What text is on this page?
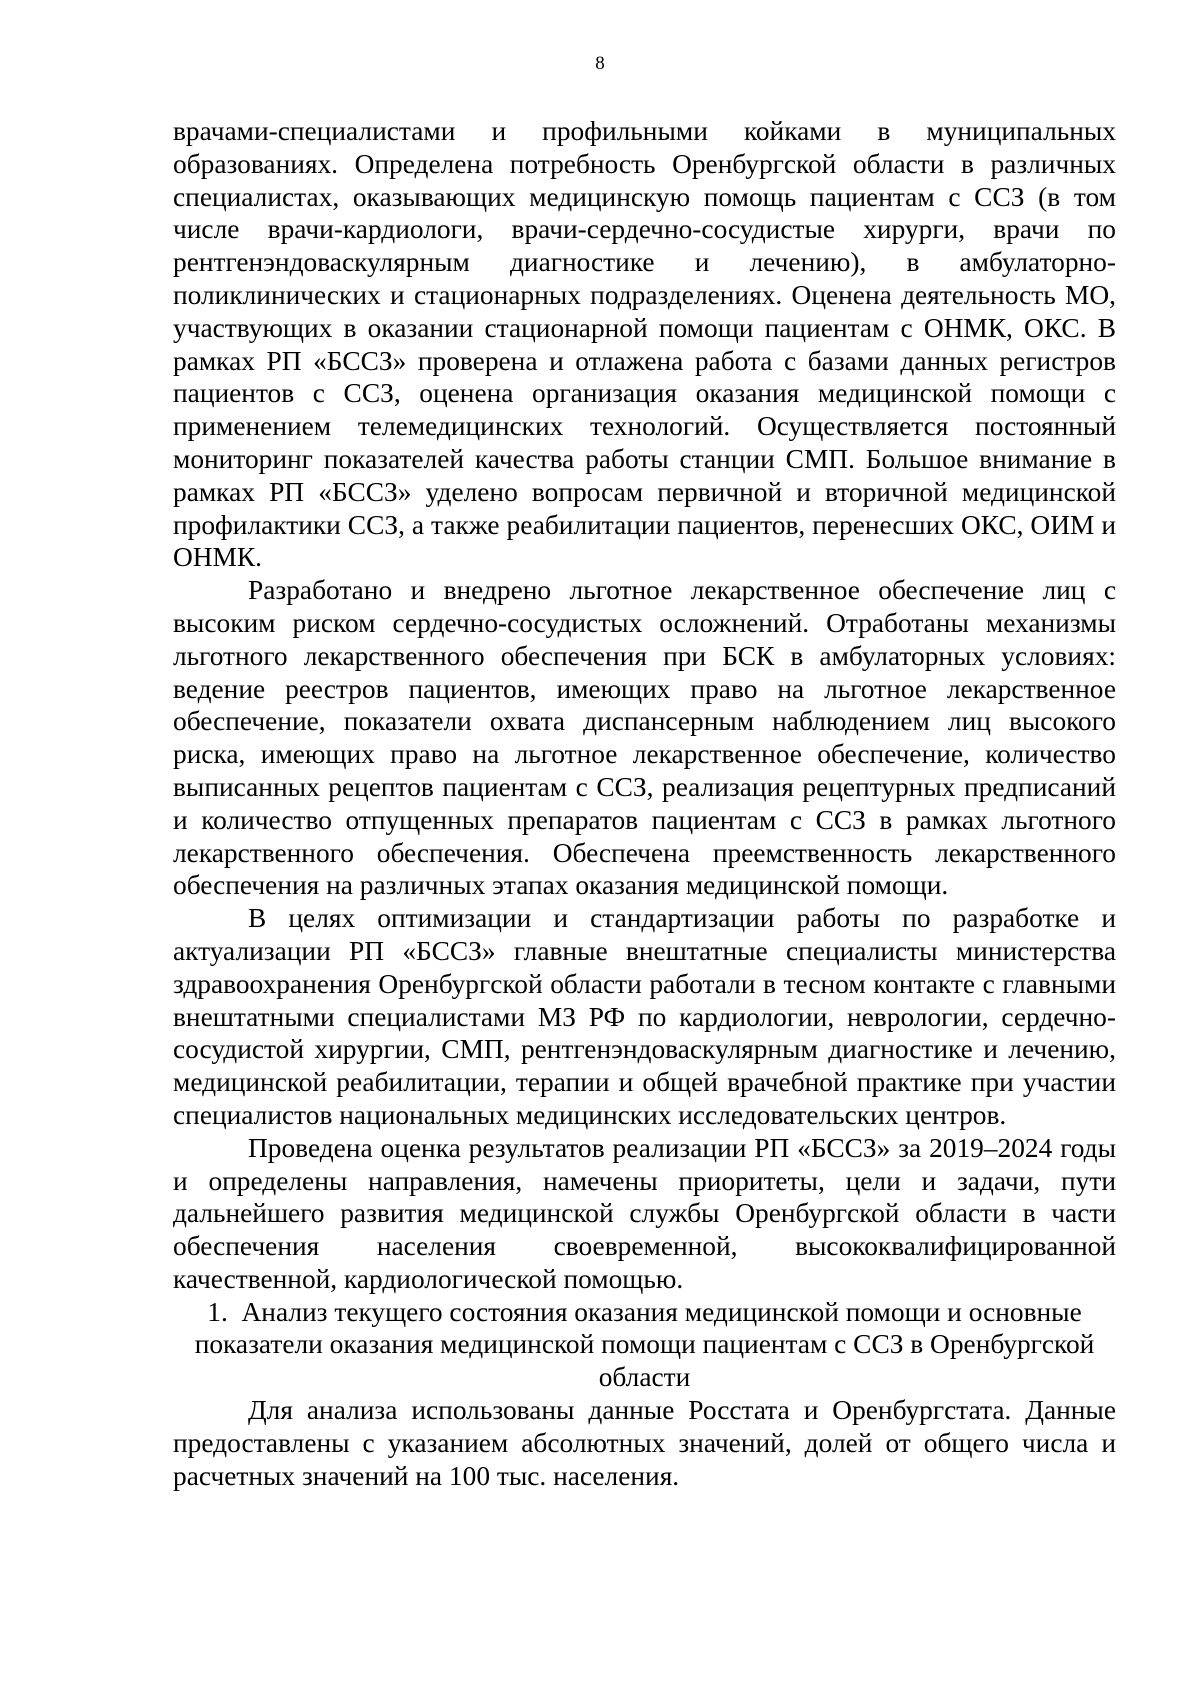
8

врачами-специалистами и профильными койками в муниципальных образованиях. Определена потребность Оренбургской области в различных специалистах, оказывающих медицинскую помощь пациентам с ССЗ (в том числе врачи-кардиологи, врачи-сердечно-сосудистые хирурги, врачи по рентгенэндоваскулярным диагностике и лечению), в амбулаторно-поликлинических и стационарных подразделениях. Оценена деятельность МО, участвующих в оказании стационарной помощи пациентам с ОНМК, ОКС. В рамках РП «БССЗ» проверена и отлажена работа с базами данных регистров пациентов с ССЗ, оценена организация оказания медицинской помощи с применением телемедицинских технологий. Осуществляется постоянный мониторинг показателей качества работы станции СМП. Большое внимание в рамках РП «БССЗ» уделено вопросам первичной и вторичной медицинской профилактики ССЗ, а также реабилитации пациентов, перенесших ОКС, ОИМ и ОНМК.

Разработано и внедрено льготное лекарственное обеспечение лиц с высоким риском сердечно-сосудистых осложнений. Отработаны механизмы льготного лекарственного обеспечения при БСК в амбулаторных условиях: ведение реестров пациентов, имеющих право на льготное лекарственное обеспечение, показатели охвата диспансерным наблюдением лиц высокого риска, имеющих право на льготное лекарственное обеспечение, количество выписанных рецептов пациентам с ССЗ, реализация рецептурных предписаний и количество отпущенных препаратов пациентам с ССЗ в рамках льготного лекарственного обеспечения. Обеспечена преемственность лекарственного обеспечения на различных этапах оказания медицинской помощи.

В целях оптимизации и стандартизации работы по разработке и актуализации РП «БССЗ» главные внештатные специалисты министерства здравоохранения Оренбургской области работали в тесном контакте с главными внештатными специалистами МЗ РФ по кардиологии, неврологии, сердечно-сосудистой хирургии, СМП, рентгенэндоваскулярным диагностике и лечению, медицинской реабилитации, терапии и общей врачебной практике при участии специалистов национальных медицинских исследовательских центров.

Проведена оценка результатов реализации РП «БССЗ» за 2019–2024 годы и определены направления, намечены приоритеты, цели и задачи, пути дальнейшего развития медицинской службы Оренбургской области в части обеспечения населения своевременной, высококвалифицированной качественной, кардиологической помощью.

1. Анализ текущего состояния оказания медицинской помощи и основные показатели оказания медицинской помощи пациентам с ССЗ в Оренбургской области

Для анализа использованы данные Росстата и Оренбургстата. Данные предоставлены с указанием абсолютных значений, долей от общего числа и расчетных значений на 100 тыс. населения.
